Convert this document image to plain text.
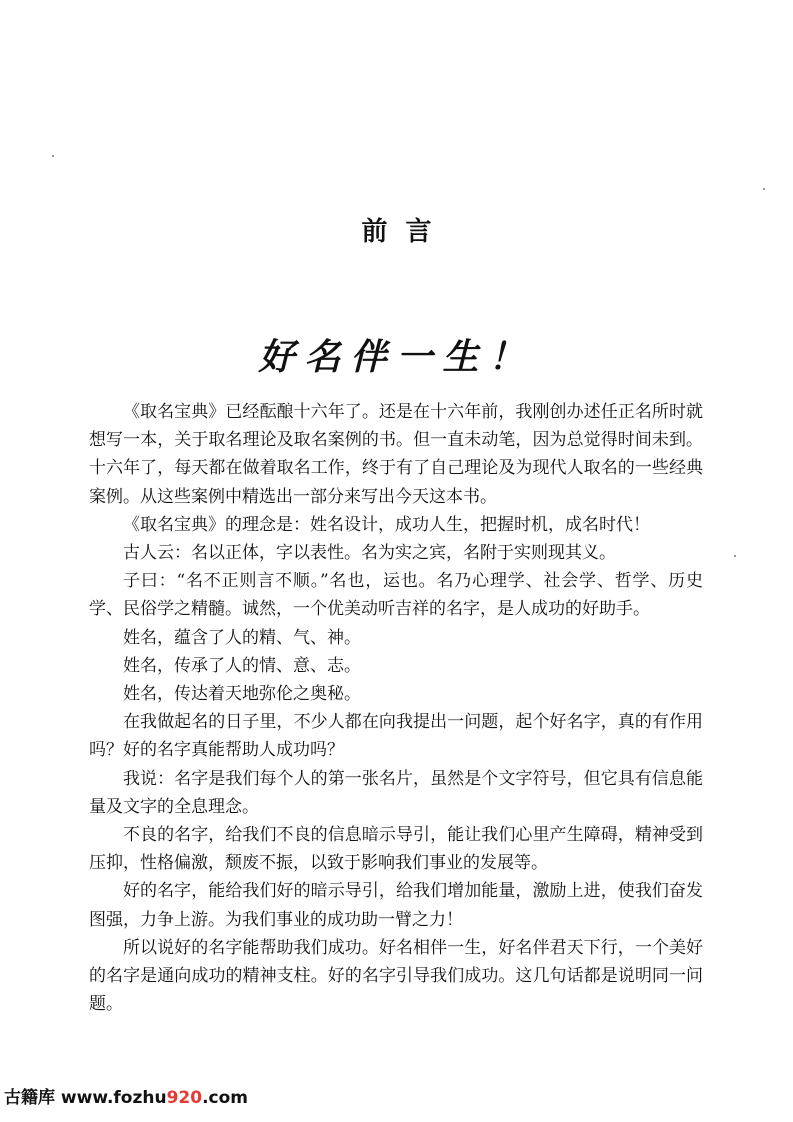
前言
好名伴一生！

《取名宝典》已经酝酿十六年了。还是在十六年前，我刚创办述任正名所时就想写一本，关于取名理论及取名案例的书。但一直未动笔，因为总觉得时间未到。十六年了，每天都在做着取名工作，终于有了自己理论及为现代人取名的一些经典案例。从这些案例中精选出一部分来写出今天这本书。

《取名宝典》的理念是：姓名设计，成功人生，把握时机，成名时代！

古人云：名以正体，字以表性。名为实之宾，名附于实则现其义。

子曰：“名不正则言不顺。”名也，运也。名乃心理学、社会学、哲学、历史学、民俗学之精髓。诚然，一个优美动听吉祥的名字，是人成功的好助手。

姓名，蕴含了人的精、气、神。

姓名，传承了人的情、意、志。

姓名，传达着天地弥伦之奥秘。

在我做起名的日子里，不少人都在向我提出一问题，起个好名字，真的有作用吗？好的名字真能帮助人成功吗？

我说：名字是我们每个人的第一张名片，虽然是个文字符号，但它具有信息能量及文字的全息理念。

不良的名字，给我们不良的信息暗示导引，能让我们心里产生障碍，精神受到压抑，性格偏激，颓废不振，以致于影响我们事业的发展等。

好的名字，能给我们好的暗示导引，给我们增加能量，激励上进，使我们奋发图强，力争上游。为我们事业的成功助一臂之力！

所以说好的名字能帮助我们成功。好名相伴一生，好名伴君天下行，一个美好的名字是通向成功的精神支柱。好的名字引导我们成功。这几句话都是说明同一问题。

古籍库 www.fozhu920.com
